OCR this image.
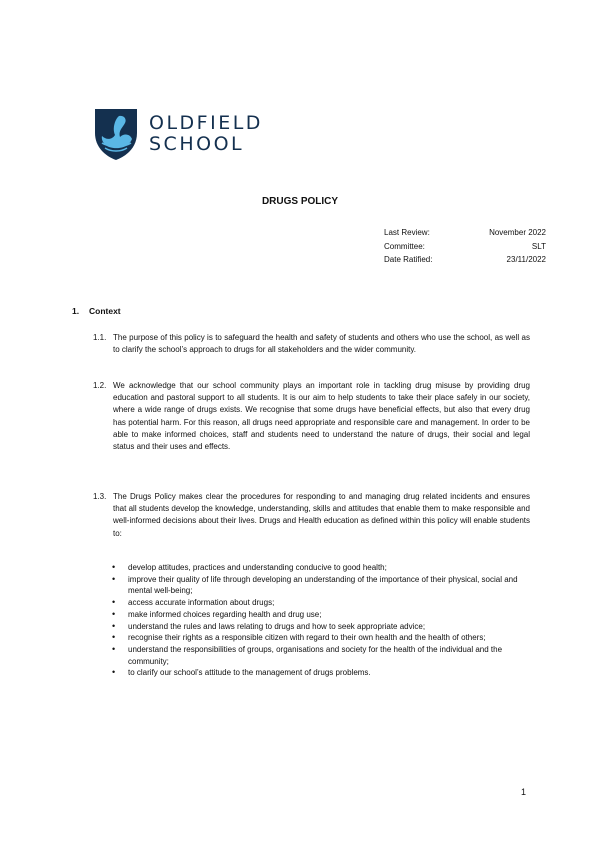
OLDFIELD
SCHOOL
DRUGS POLICY
Last Review:	November 2022
Committee:	SLT
Date Ratified:	23/11/2022
1. Context
1.1. The purpose of this policy is to safeguard the health and safety of students and others who use the school, as well as to clarify the school’s approach to drugs for all stakeholders and the wider community.
1.2. We acknowledge that our school community plays an important role in tackling drug misuse by providing drug education and pastoral support to all students. It is our aim to help students to take their place safely in our society, where a wide range of drugs exists. We recognise that some drugs have beneficial effects, but also that every drug has potential harm. For this reason, all drugs need appropriate and responsible care and management. In order to be able to make informed choices, staff and students need to understand the nature of drugs, their social and legal status and their uses and effects.
1.3. The Drugs Policy makes clear the procedures for responding to and managing drug related incidents and ensures that all students develop the knowledge, understanding, skills and attitudes that enable them to make responsible and well-informed decisions about their lives. Drugs and Health education as defined within this policy will enable students to:
• develop attitudes, practices and understanding conducive to good health;
• improve their quality of life through developing an understanding of the importance of their physical, social and mental well-being;
• access accurate information about drugs;
• make informed choices regarding health and drug use;
• understand the rules and laws relating to drugs and how to seek appropriate advice;
• recognise their rights as a responsible citizen with regard to their own health and the health of others;
• understand the responsibilities of groups, organisations and society for the health of the individual and the community;
• to clarify our school’s attitude to the management of drugs problems.
1
